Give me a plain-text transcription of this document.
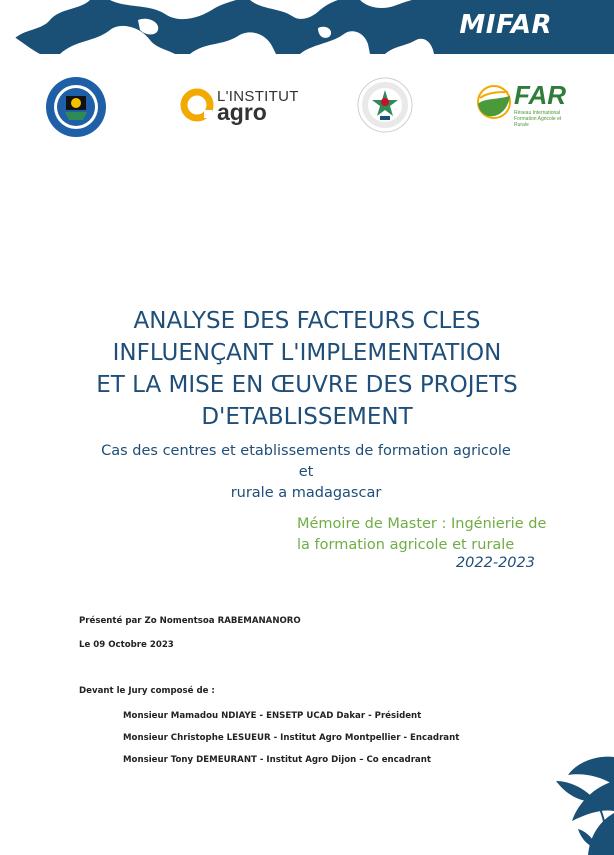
MIFAR
L'INSTITUT
agro
FAR
Réseau International Formation Agricole et Rurale
ANALYSE DES FACTEURS CLES
INFLUENÇANT L'IMPLEMENTATION
ET LA MISE EN ŒUVRE DES PROJETS
D'ETABLISSEMENT

Cas des centres et etablissements de formation agricole et
rurale a madagascar

Mémoire de Master : Ingénierie de
la formation agricole et rurale
2022-2023
Présenté par Zo Nomentsoa RABEMANANORO
Le 09 Octobre 2023
Devant le Jury composé de :
Monsieur Mamadou NDIAYE - ENSETP UCAD Dakar - Président
Monsieur Christophe LESUEUR - Institut Agro Montpellier - Encadrant
Monsieur Tony DEMEURANT - Institut Agro Dijon – Co encadrant
